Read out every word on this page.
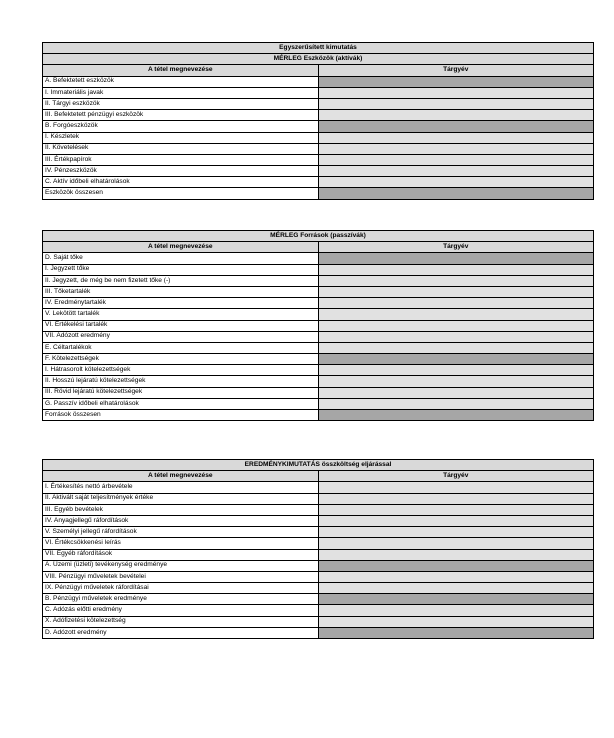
Egyszerűsített kimutatás	
MÉRLEG Eszközök (aktívák)	
A tétel megnevezése	Tárgyév
A. Befektetett eszközök	
I. Immateriális javak	
II. Tárgyi eszközök	
III. Befektetett pénzügyi eszközök	
B. Forgóeszközök	
I. Készletek	
II. Követelések	
III. Értékpapírok	
IV. Pénzeszközök	
C. Aktív időbeli elhatárolások	
Eszközök összesen	
MÉRLEG Források (passzívák)	
A tétel megnevezése	Tárgyév
D. Saját tőke	
I. Jegyzett tőke	
II. Jegyzett, de még be nem fizetett tőke (-)	
III. Tőketartalék	
IV. Eredménytartalék	
V. Lekötött tartalék	
VI. Értékelési tartalék	
VII. Adózott eredmény	
E. Céltartalékok	
F. Kötelezettségek	
I. Hátrasorolt kötelezettségek	
II. Hosszú lejáratú kötelezettségek	
III. Rövid lejáratú kötelezettségek	
G. Passzív időbeli elhatárolások	
Források összesen	
EREDMÉNYKIMUTATÁS összköltség eljárással	
A tétel megnevezése	Tárgyév
I. Értékesítés nettó árbevétele	
II. Aktivált saját teljesítmények értéke	
III. Egyéb bevételek	
IV. Anyagjellegű ráfordítások	
V. Személyi jellegű ráfordítások	
VI. Értékcsökkenési leírás	
VII. Egyéb ráfordítások	
A. Üzemi (üzleti) tevékenység eredménye	
VIII. Pénzügyi műveletek bevételei	
IX. Pénzügyi műveletek ráfordításai	
B. Pénzügyi műveletek eredménye	
C. Adózás előtti eredmény	
X. Adófizetési kötelezettség	
D. Adózott eredmény	
